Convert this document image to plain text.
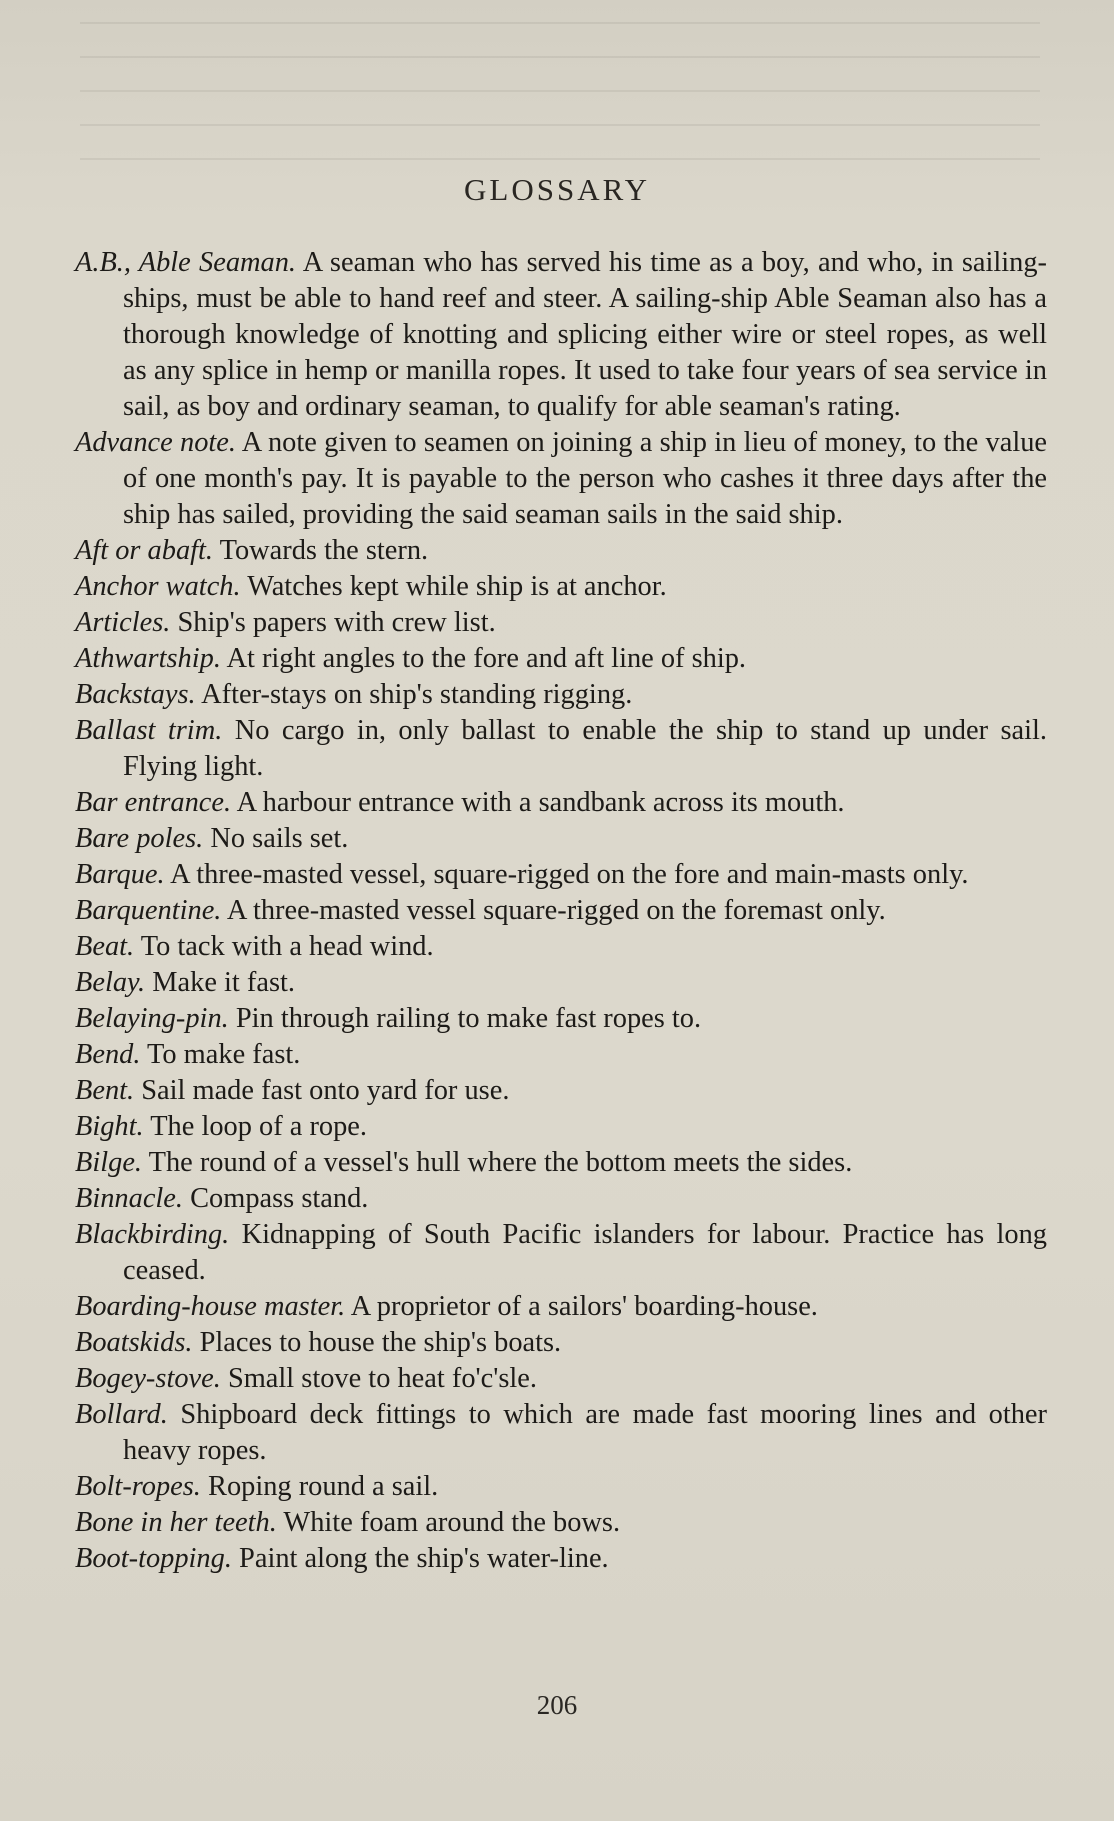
GLOSSARY

A.B., Able Seaman. A seaman who has served his time as a boy, and who, in sailing-ships, must be able to hand reef and steer. A sailing-ship Able Seaman also has a thorough knowledge of knotting and splicing either wire or steel ropes, as well as any splice in hemp or manilla ropes. It used to take four years of sea service in sail, as boy and ordinary seaman, to qualify for able seaman's rating.

Advance note. A note given to seamen on joining a ship in lieu of money, to the value of one month's pay. It is payable to the person who cashes it three days after the ship has sailed, providing the said seaman sails in the said ship.

Aft or abaft. Towards the stern.

Anchor watch. Watches kept while ship is at anchor.

Articles. Ship's papers with crew list.

Athwartship. At right angles to the fore and aft line of ship.

Backstays. After-stays on ship's standing rigging.

Ballast trim. No cargo in, only ballast to enable the ship to stand up under sail. Flying light.

Bar entrance. A harbour entrance with a sandbank across its mouth.

Bare poles. No sails set.

Barque. A three-masted vessel, square-rigged on the fore and main-masts only.

Barquentine. A three-masted vessel square-rigged on the foremast only.

Beat. To tack with a head wind.

Belay. Make it fast.

Belaying-pin. Pin through railing to make fast ropes to.

Bend. To make fast.

Bent. Sail made fast onto yard for use.

Bight. The loop of a rope.

Bilge. The round of a vessel's hull where the bottom meets the sides.

Binnacle. Compass stand.

Blackbirding. Kidnapping of South Pacific islanders for labour. Practice has long ceased.

Boarding-house master. A proprietor of a sailors' boarding-house.

Boatskids. Places to house the ship's boats.

Bogey-stove. Small stove to heat fo'c'sle.

Bollard. Shipboard deck fittings to which are made fast mooring lines and other heavy ropes.

Bolt-ropes. Roping round a sail.

Bone in her teeth. White foam around the bows.

Boot-topping. Paint along the ship's water-line.

206
